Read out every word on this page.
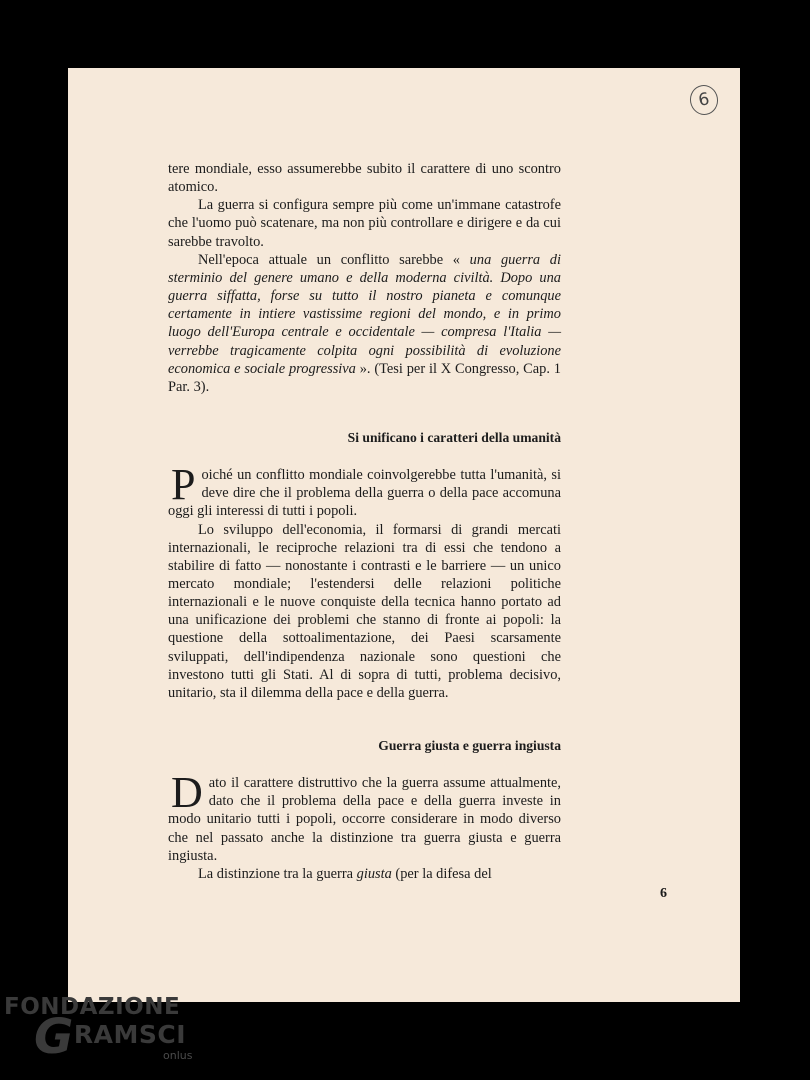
6

tere mondiale, esso assumerebbe subito il carattere di uno scontro atomico.

La guerra si configura sempre più come un'immane catastrofe che l'uomo può scatenare, ma non più controllare e dirigere e da cui sarebbe travolto.

Nell'epoca attuale un conflitto sarebbe « una guerra di sterminio del genere umano e della moderna civiltà. Dopo una guerra siffatta, forse su tutto il nostro pianeta e comunque certamente in intiere vastissime regioni del mondo, e in primo luogo dell'Europa centrale e occidentale — compresa l'Italia — verrebbe tragicamente colpita ogni possibilità di evoluzione economica e sociale progressiva ». (Tesi per il X Congresso, Cap. 1 Par. 3).

Si unificano i caratteri della umanità

Poiché un conflitto mondiale coinvolgerebbe tutta l'umanità, si deve dire che il problema della guerra o della pace accomuna oggi gli interessi di tutti i popoli.

Lo sviluppo dell'economia, il formarsi di grandi mercati internazionali, le reciproche relazioni tra di essi che tendono a stabilire di fatto — nonostante i contrasti e le barriere — un unico mercato mondiale; l'estendersi delle relazioni politiche internazionali e le nuove conquiste della tecnica hanno portato ad una unificazione dei problemi che stanno di fronte ai popoli: la questione della sottoalimentazione, dei Paesi scarsamente sviluppati, dell'indipendenza nazionale sono questioni che investono tutti gli Stati. Al di sopra di tutti, problema decisivo, unitario, sta il dilemma della pace e della guerra.

Guerra giusta e guerra ingiusta

Dato il carattere distruttivo che la guerra assume attualmente, dato che il problema della pace e della guerra investe in modo unitario tutti i popoli, occorre considerare in modo diverso che nel passato anche la distinzione tra guerra giusta e guerra ingiusta.

La distinzione tra la guerra giusta (per la difesa del

6
FONDAZIONE
GRAMSCI
onlus
